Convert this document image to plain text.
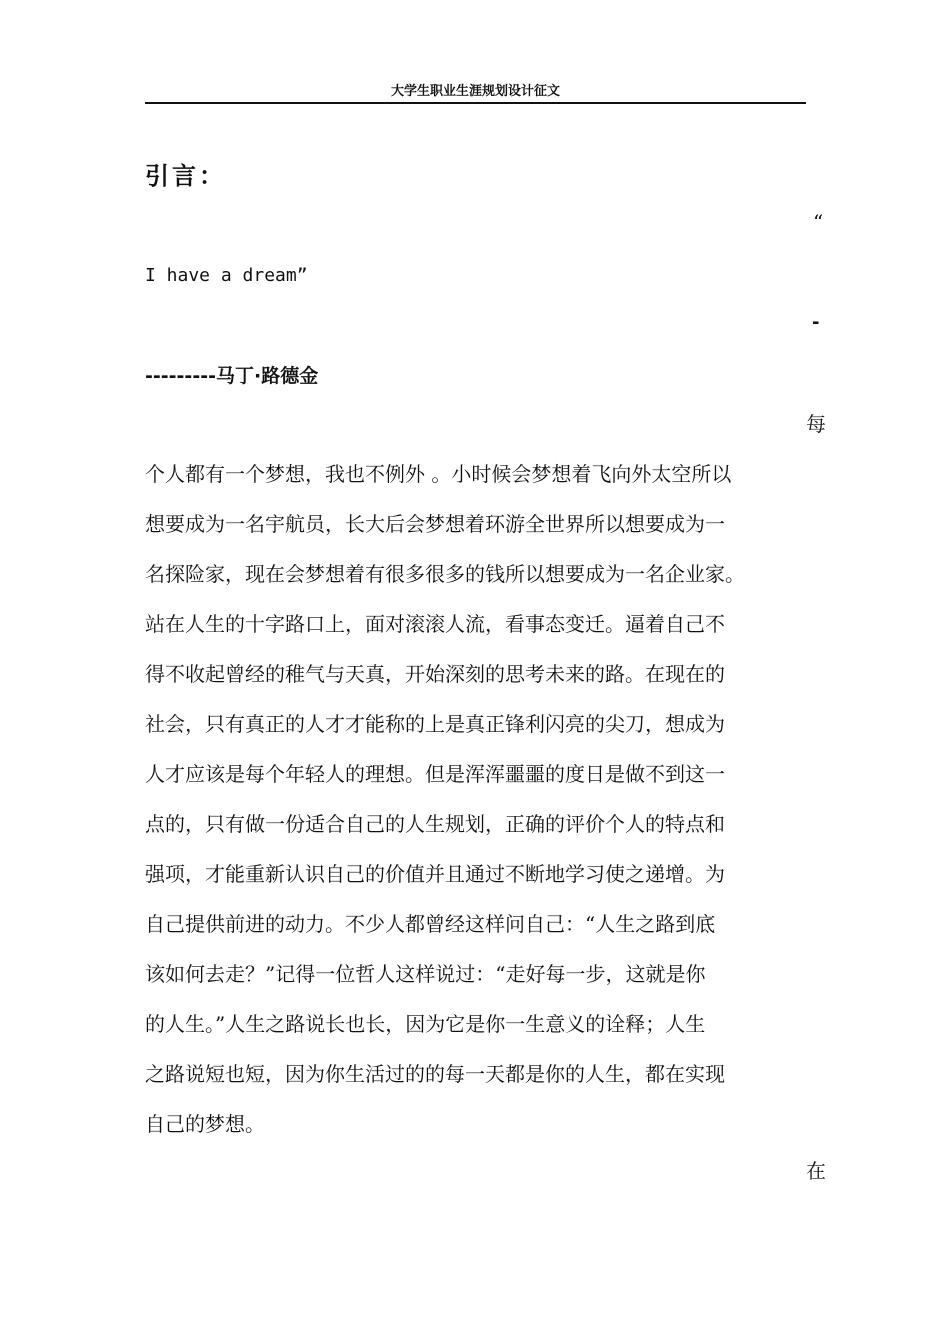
大学生职业生涯规划设计征文
引言：
“
I have a dream”
-
---------马丁·路德金
每
个人都有一个梦想，我也不例外 。小时候会梦想着飞向外太空所以
想要成为一名宇航员，长大后会梦想着环游全世界所以想要成为一
名探险家，现在会梦想着有很多很多的钱所以想要成为一名企业家。
站在人生的十字路口上，面对滚滚人流，看事态变迁。逼着自己不
得不收起曾经的稚气与天真，开始深刻的思考未来的路。在现在的
社会，只有真正的人才才能称的上是真正锋利闪亮的尖刀，想成为
人才应该是每个年轻人的理想。但是浑浑噩噩的度日是做不到这一
点的，只有做一份适合自己的人生规划，正确的评价个人的特点和
强项，才能重新认识自己的价值并且通过不断地学习使之递增。为
自己提供前进的动力。不少人都曾经这样问自己：“人生之路到底
该如何去走？”记得一位哲人这样说过：“走好每一步，这就是你
的人生。”人生之路说长也长，因为它是你一生意义的诠释；人生
之路说短也短，因为你生活过的的每一天都是你的人生，都在实现
自己的梦想。
在
